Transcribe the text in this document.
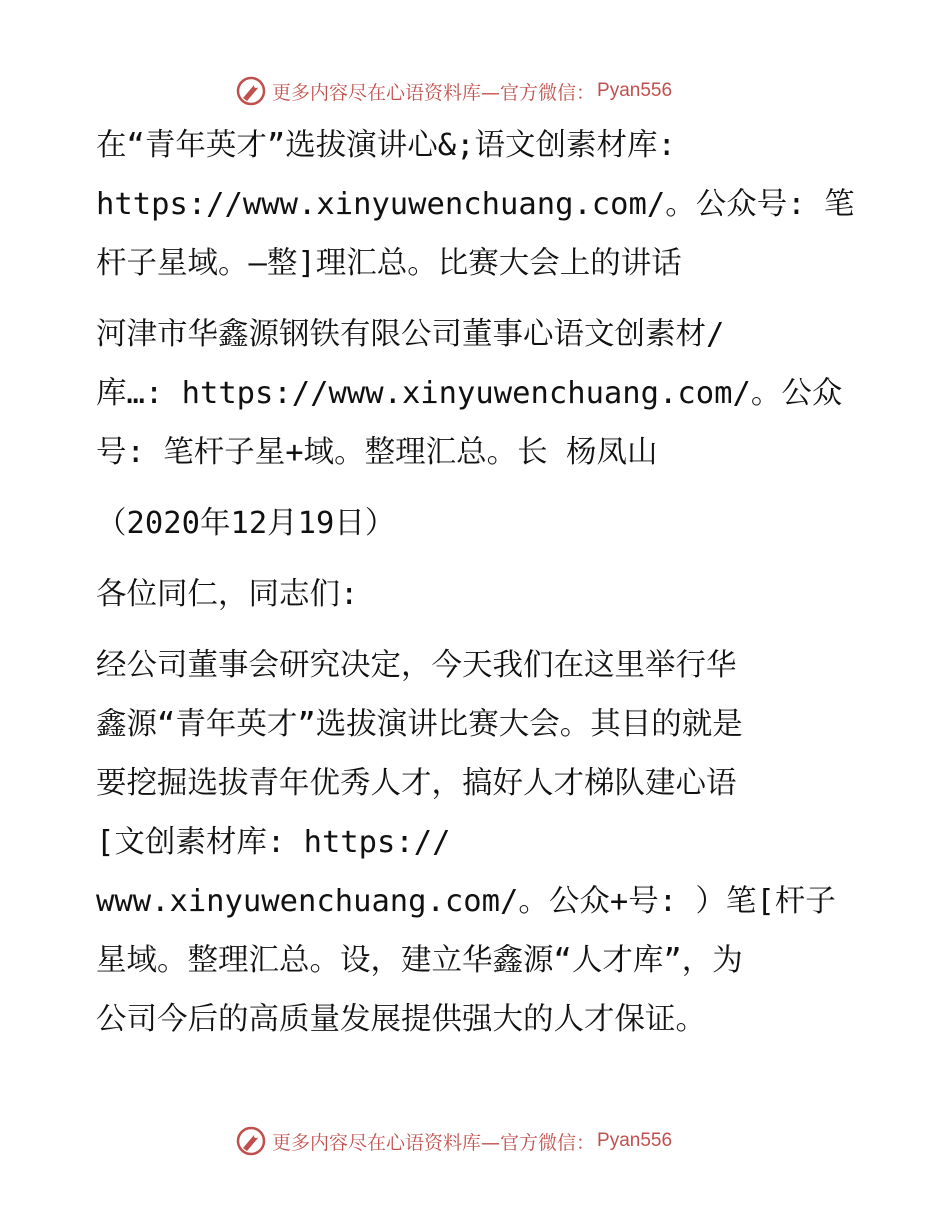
更多内容尽在心语资料库—官方微信： Pyan556
在“青年英才”选拔演讲心&;语文创素材库:
https://www.xinyuwenchuang.com/。公众号: 笔
杆子星域。—整]理汇总。比赛大会上的讲话
河津市华鑫源钢铁有限公司董事心语文创素材/
库…: https://www.xinyuwenchuang.com/。公众
号: 笔杆子星+域。整理汇总。长 杨凤山
（2020年12月19日）
各位同仁，同志们:
经公司董事会研究决定，今天我们在这里举行华
鑫源“青年英才”选拔演讲比赛大会。其目的就是
要挖掘选拔青年优秀人才，搞好人才梯队建心语
[文创素材库: https://
www.xinyuwenchuang.com/。公众+号: ）笔[杆子
星域。整理汇总。设，建立华鑫源“人才库”，为
公司今后的高质量发展提供强大的人才保证。
更多内容尽在心语资料库—官方微信： Pyan556
